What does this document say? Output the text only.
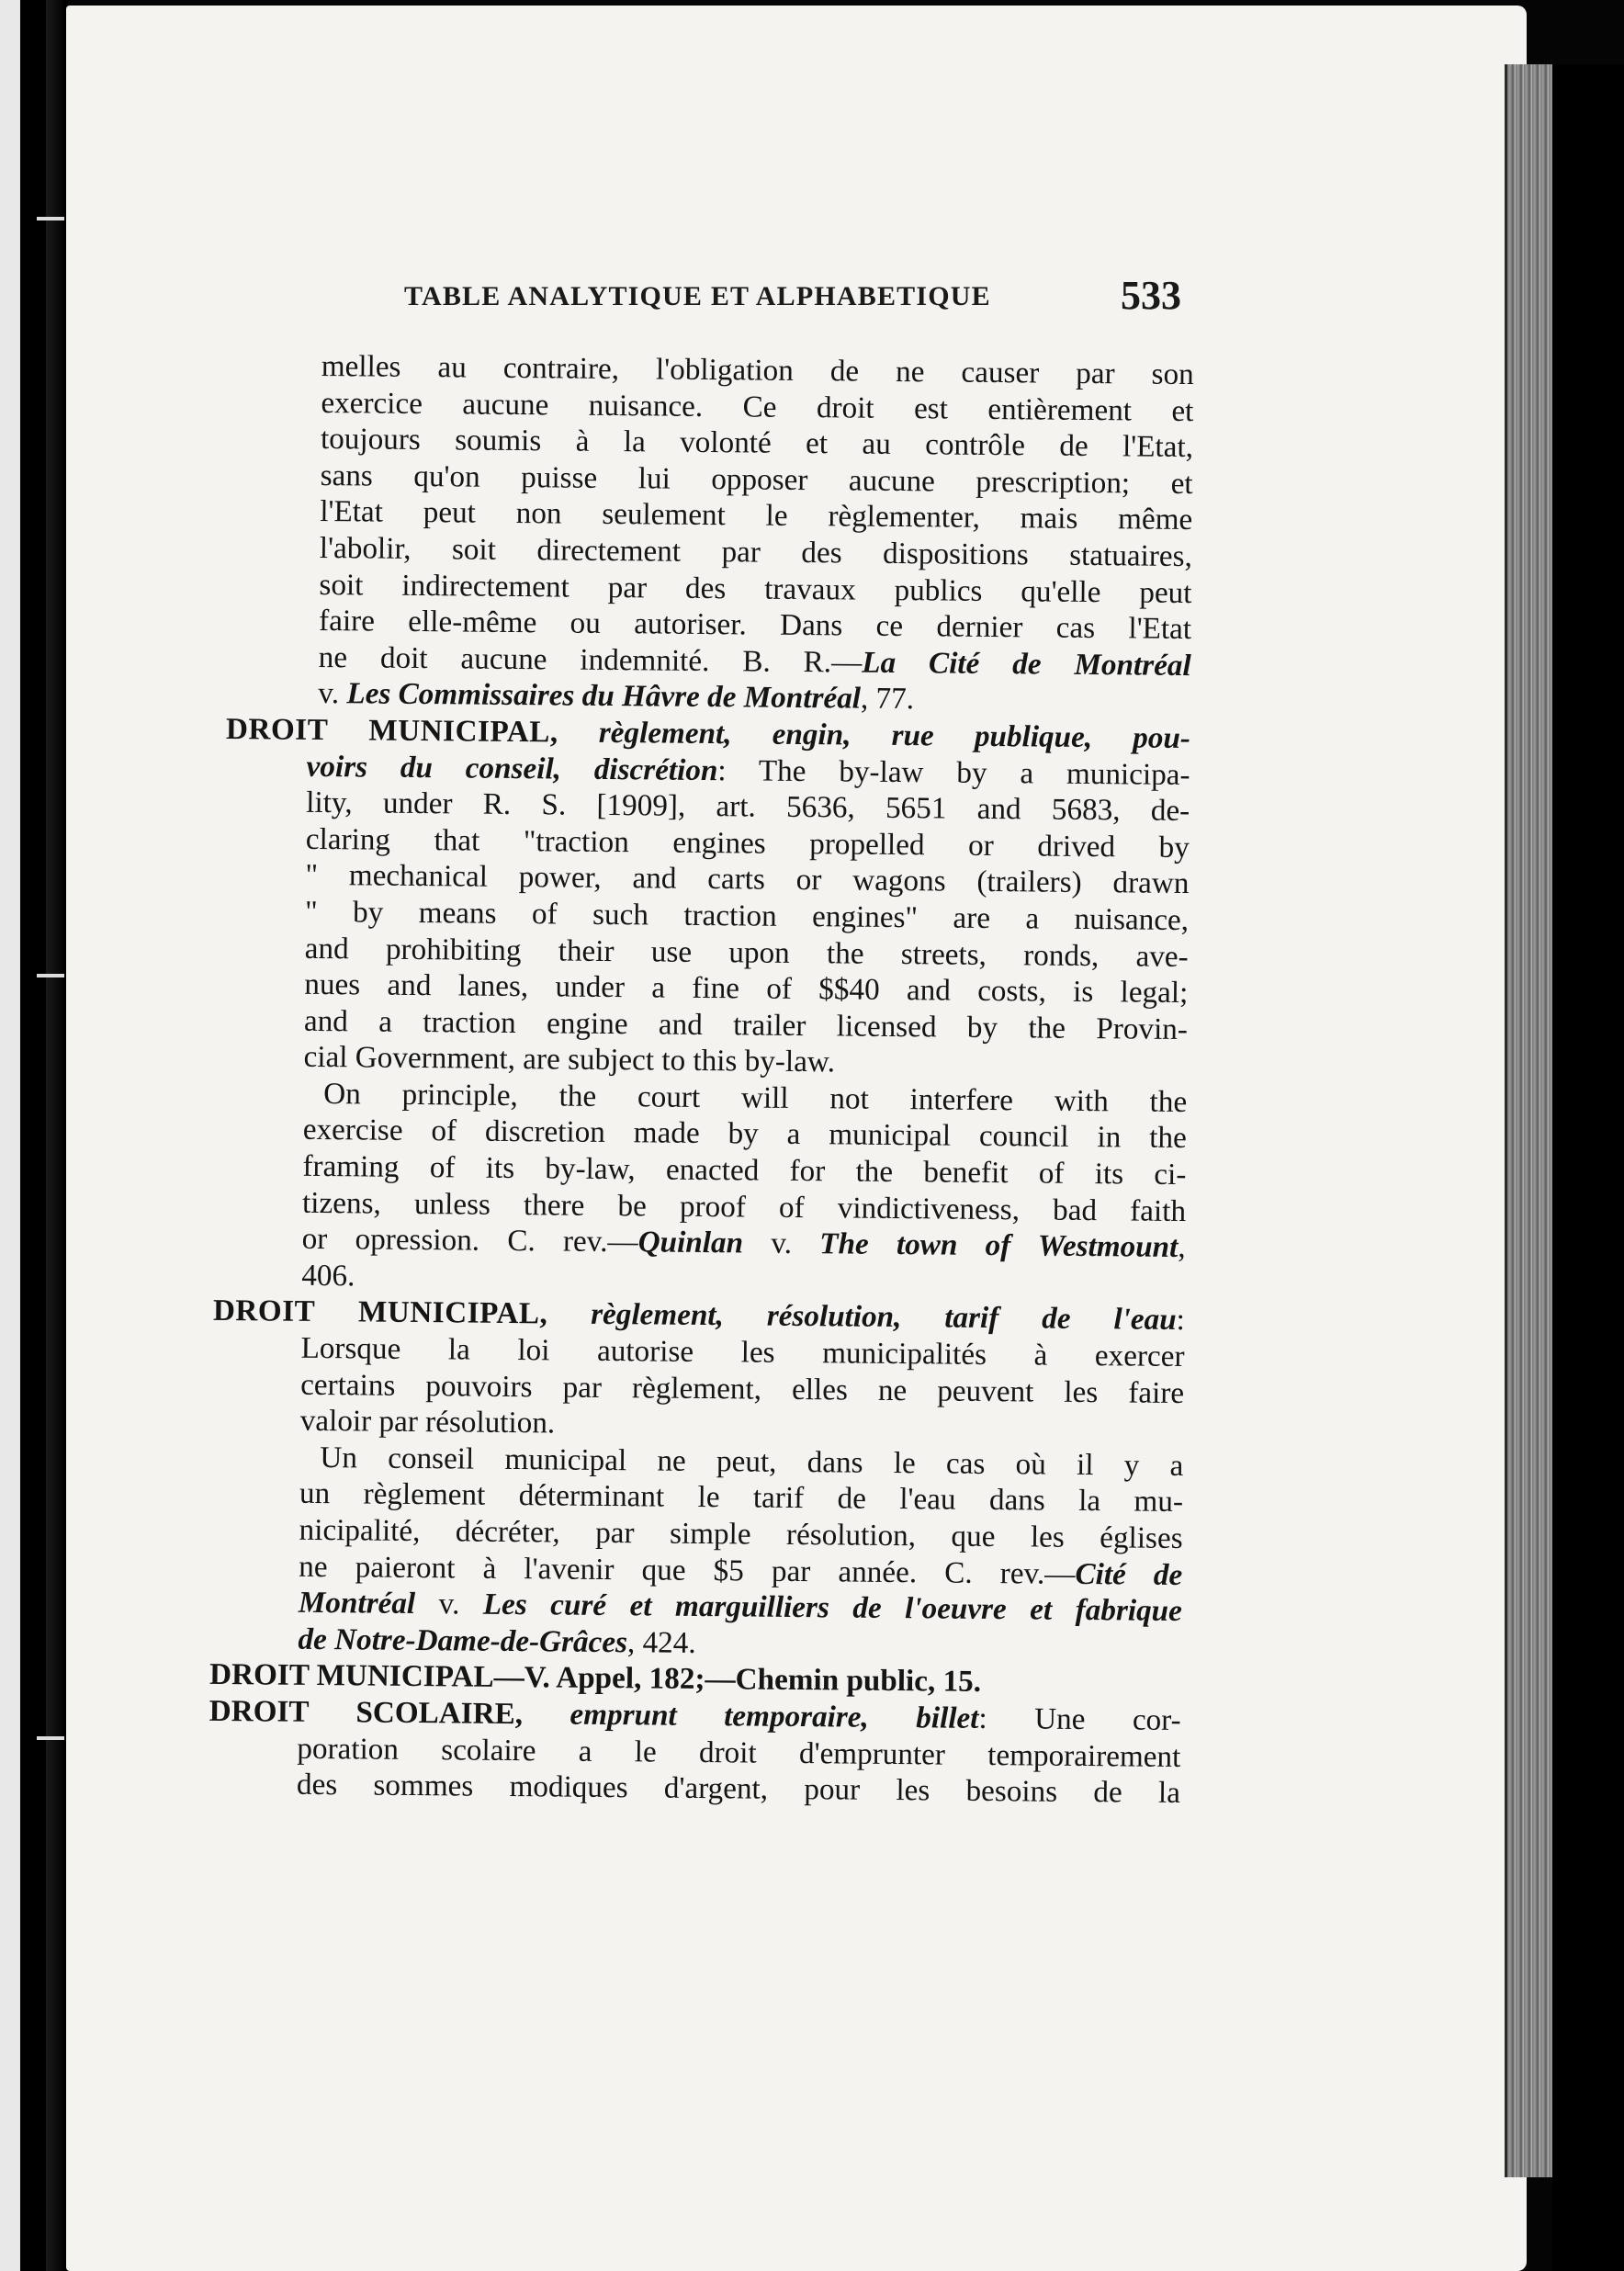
TABLE ANALYTIQUE ET ALPHABETIQUE	533
melles au contraire, l'obligation de ne causer par son
exercice aucune nuisance. Ce droit est entièrement et
toujours soumis à la volonté et au contrôle de l'Etat,
sans qu'on puisse lui opposer aucune prescription; et
l'Etat peut non seulement le règlementer, mais même
l'abolir, soit directement par des dispositions statuaires,
soit indirectement par des travaux publics qu'elle peut
faire elle-même ou autoriser. Dans ce dernier cas l'Etat
ne doit aucune indemnité. B. R.—La Cité de Montréal
v. Les Commissaires du Hâvre de Montréal, 77.
DROIT MUNICIPAL, règlement, engin, rue publique, pou-
voirs du conseil, discrétion: The by-law by a municipa-
lity, under R. S. [1909], art. 5636, 5651 and 5683, de-
claring that "traction engines propelled or drived by
" mechanical power, and carts or wagons (trailers) drawn
" by means of such traction engines" are a nuisance,
and prohibiting their use upon the streets, ronds, ave-
nues and lanes, under a fine of $$40 and costs, is legal;
and a traction engine and trailer licensed by the Provin-
cial Government, are subject to this by-law.
On principle, the court will not interfere with the
exercise of discretion made by a municipal council in the
framing of its by-law, enacted for the benefit of its ci-
tizens, unless there be proof of vindictiveness, bad faith
or opression. C. rev.—Quinlan v. The town of Westmount,
406.
DROIT MUNICIPAL, règlement, résolution, tarif de l'eau:
Lorsque la loi autorise les municipalités à exercer
certains pouvoirs par règlement, elles ne peuvent les faire
valoir par résolution.
Un conseil municipal ne peut, dans le cas où il y a
un règlement déterminant le tarif de l'eau dans la mu-
nicipalité, décréter, par simple résolution, que les églises
ne paieront à l'avenir que $5 par année. C. rev.—Cité de
Montréal v. Les curé et marguilliers de l'oeuvre et fabrique
de Notre-Dame-de-Grâces, 424.
DROIT MUNICIPAL—V. Appel, 182;—Chemin public, 15.
DROIT SCOLAIRE, emprunt temporaire, billet: Une cor-
poration scolaire a le droit d'emprunter temporairement
des sommes modiques d'argent, pour les besoins de la
